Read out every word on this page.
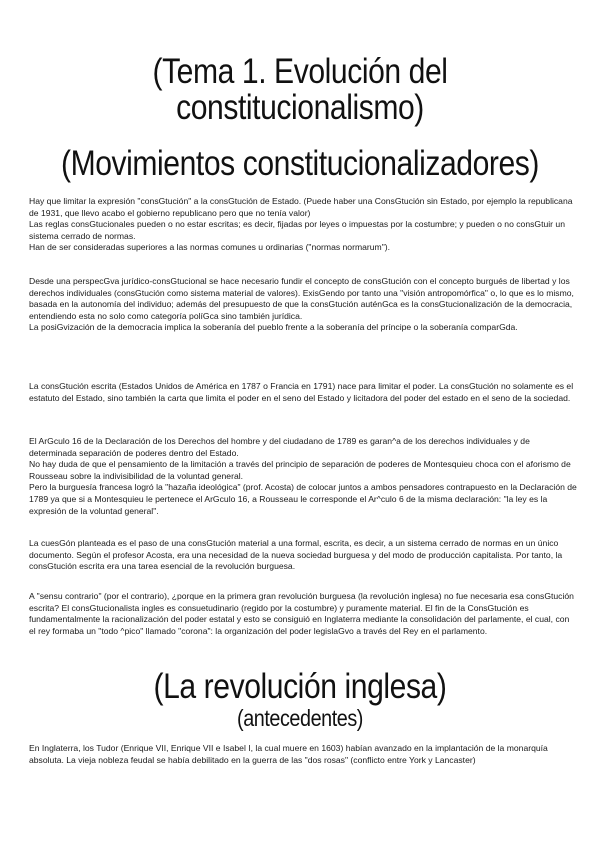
(Tema 1. Evolución del
constitucionalismo)
(Movimientos constitucionalizadores)

Hay que limitar la expresión "consGtución" a la consGtución de Estado. (Puede haber una ConsGtución sin Estado, por ejemplo la republicana de 1931, que llevo acabo el gobierno republicano pero que no tenía valor)

Las reglas consGtucionales pueden o no estar escritas; es decir, fijadas por leyes o impuestas por la costumbre; y pueden o no consGtuir un sistema cerrado de normas.

Han de ser consideradas superiores a las normas comunes u ordinarias ("normas normarum").

Desde una perspecGva jurídico-consGtucional se hace necesario fundir el concepto de consGtución con el concepto burgués de libertad y los derechos individuales (consGtución como sistema material de valores). ExisGendo por tanto una "visión antropomórfica" o, lo que es lo mismo, basada en la autonomía del individuo; además del presupuesto de que la consGtución auténGca es la consGtucionalización de la democracia, entendiendo esta no solo como categoría políGca sino también jurídica.

La posiGvización de la democracia implica la soberanía del pueblo frente a la soberanía del príncipe o la soberanía comparGda.

La consGtución escrita (Estados Unidos de América en 1787 o Francia en 1791) nace para limitar el poder. La consGtución no solamente es el estatuto del Estado, sino también la carta que limita el poder en el seno del Estado y licitadora del poder del estado en el seno de la sociedad.

El ArGculo 16 de la Declaración de los Derechos del hombre y del ciudadano de 1789 es garan^a de los derechos individuales y de determinada separación de poderes dentro del Estado.

No hay duda de que el pensamiento de la limitación a través del principio de separación de poderes de Montesquieu choca con el aforismo de Rousseau sobre la indivisibilidad de la voluntad general.

Pero la burguesía francesa logró la "hazaña ideológica" (prof. Acosta) de colocar juntos a ambos pensadores contrapuesto en la Declaración de 1789 ya que si a Montesquieu le pertenece el ArGculo 16, a Rousseau le corresponde el Ar^culo 6 de la misma declaración: "la ley es la expresión de la voluntad general".

La cuesGón planteada es el paso de una consGtución material a una formal, escrita, es decir, a un sistema cerrado de normas en un único documento. Según el profesor Acosta, era una necesidad de la nueva sociedad burguesa y del modo de producción capitalista. Por tanto, la consGtución escrita era una tarea esencial de la revolución burguesa.

A "sensu contrario" (por el contrario), ¿porque en la primera gran revolución burguesa (la revolución inglesa) no fue necesaria esa consGtución escrita? El consGtucionalista ingles es consuetudinario (regido por la costumbre) y puramente material. El fin de la ConsGtución es fundamentalmente la racionalización del poder estatal y esto se consiguió en Inglaterra mediante la consolidación del parlamente, el cual, con el rey formaba un "todo ^pico" llamado "corona": la organización del poder legislaGvo a través del Rey en el parlamento.

(La revolución inglesa)
(antecedentes)

En Inglaterra, los Tudor (Enrique VII, Enrique VII e Isabel I, la cual muere en 1603) habían avanzado en la implantación de la monarquía absoluta. La vieja nobleza feudal se había debilitado en la guerra de las "dos rosas" (conflicto entre York y Lancaster)
